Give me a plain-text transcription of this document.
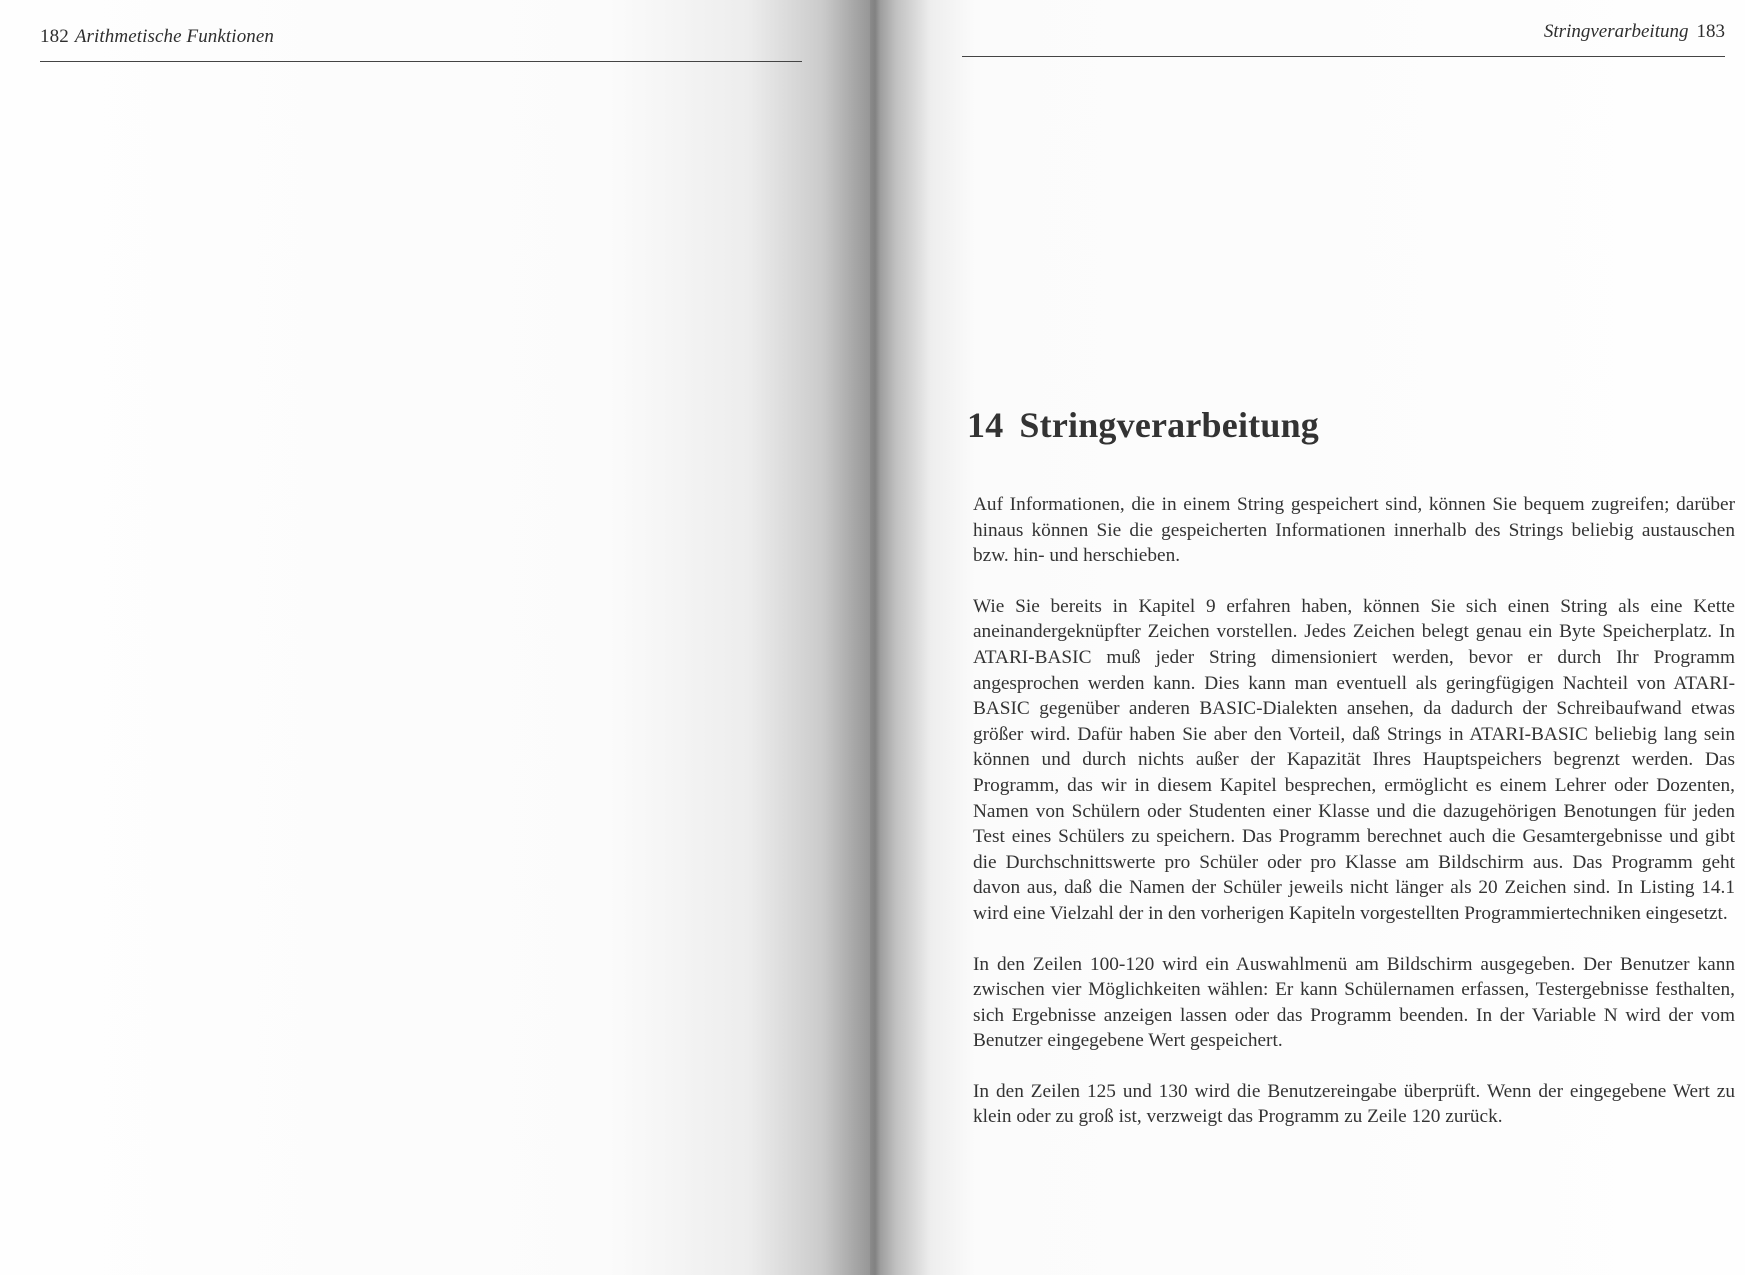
182 Arithmetische Funktionen	Stringverarbeitung 183
14 Stringverarbeitung

Auf Informationen, die in einem String gespeichert sind, können Sie bequem zugreifen; darüber hinaus können Sie die gespeicherten Informationen innerhalb des Strings beliebig austauschen bzw. hin- und herschieben.

Wie Sie bereits in Kapitel 9 erfahren haben, können Sie sich einen String als eine Kette aneinandergeknüpfter Zeichen vorstellen. Jedes Zeichen belegt genau ein Byte Speicherplatz. In ATARI-BASIC muß jeder String dimensioniert werden, bevor er durch Ihr Programm angesprochen werden kann. Dies kann man eventuell als geringfügigen Nachteil von ATARI-BASIC gegenüber anderen BASIC-Dialekten ansehen, da dadurch der Schreibaufwand etwas größer wird. Dafür haben Sie aber den Vorteil, daß Strings in ATARI-BASIC beliebig lang sein können und durch nichts außer der Kapazität Ihres Hauptspeichers begrenzt werden. Das Programm, das wir in diesem Kapitel besprechen, ermöglicht es einem Lehrer oder Dozenten, Namen von Schülern oder Studenten einer Klasse und die dazugehörigen Benotungen für jeden Test eines Schülers zu speichern. Das Programm berechnet auch die Gesamtergebnisse und gibt die Durchschnittswerte pro Schüler oder pro Klasse am Bildschirm aus. Das Programm geht davon aus, daß die Namen der Schüler jeweils nicht länger als 20 Zeichen sind. In Listing 14.1 wird eine Vielzahl der in den vorherigen Kapiteln vorgestellten Programmiertechniken eingesetzt.

In den Zeilen 100-120 wird ein Auswahlmenü am Bildschirm ausgegeben. Der Benutzer kann zwischen vier Möglichkeiten wählen: Er kann Schülernamen erfassen, Testergebnisse festhalten, sich Ergebnisse anzeigen lassen oder das Programm beenden. In der Variable N wird der vom Benutzer eingegebene Wert gespeichert.

In den Zeilen 125 und 130 wird die Benutzereingabe überprüft. Wenn der eingegebene Wert zu klein oder zu groß ist, verzweigt das Programm zu Zeile 120 zurück.
